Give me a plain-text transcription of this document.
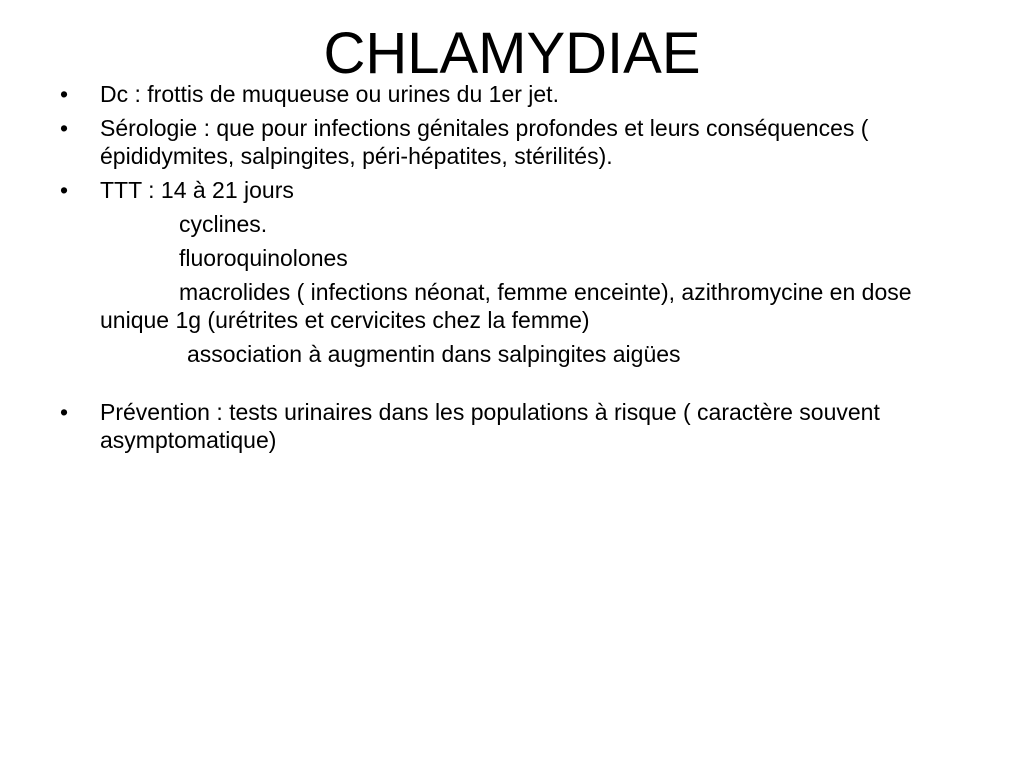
CHLAMYDIAE

• Dc : frottis de muqueuse ou urines du 1er jet.

• Sérologie : que pour infections génitales profondes et leurs conséquences ( épididymites, salpingites, péri-hépatites, stérilités).

• TTT : 14 à 21 jours

cyclines.

fluoroquinolones

macrolides ( infections néonat, femme enceinte), azithromycine en dose unique 1g (urétrites et cervicites chez la femme)

association à augmentin dans salpingites aigües

• Prévention : tests urinaires dans les populations à risque ( caractère souvent asymptomatique)
